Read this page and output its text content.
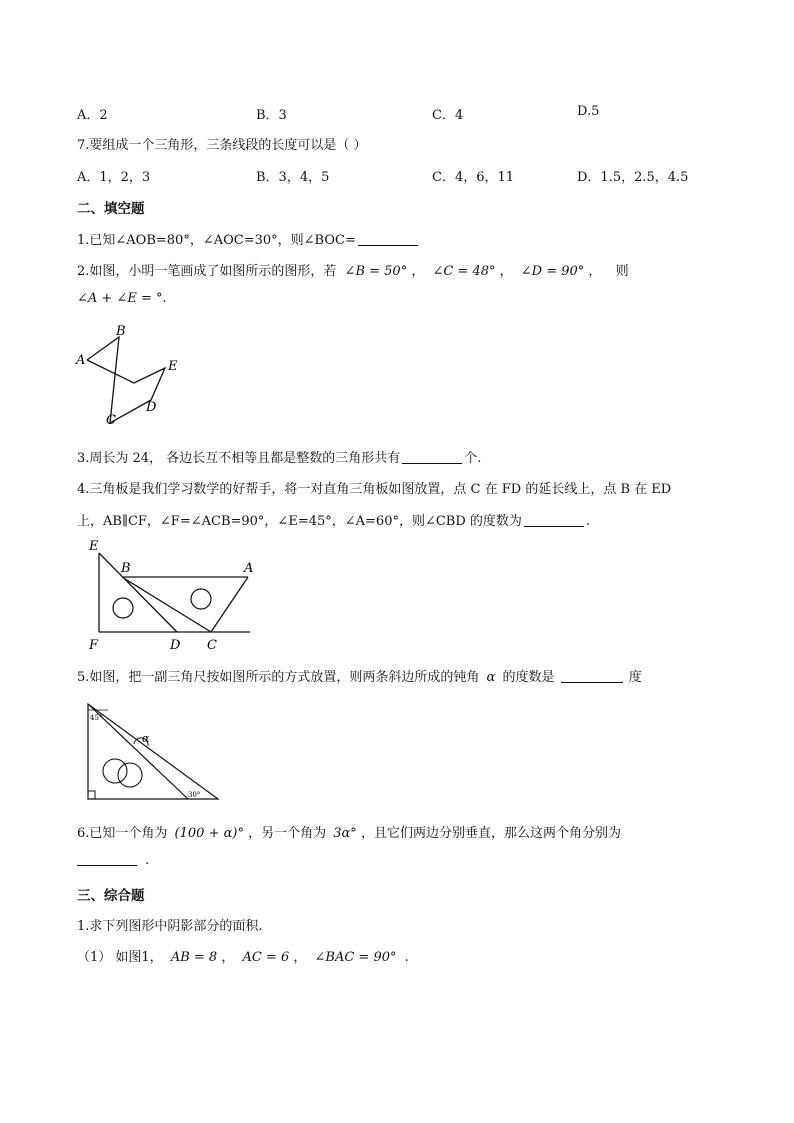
A．2	B．3	C．4	D.5
7.要组成一个三角形，三条线段的长度可以是（ ）
A．1，2，3	B．3，4，5	C．4，6，11	D．1.5，2.5，4.5
二、填空题
1.已知∠AOB=80°，∠AOC=30°，则∠BOC=
2.如图，小明一笔画成了如图所示的图形，若 ∠B = 50° ， ∠C = 48° ， ∠D = 90° ， 则
∠A + ∠E = °.
A
B
C
D
E
3.周长为 24， 各边长互不相等且都是整数的三角形共有	个.
4.三角板是我们学习数学的好帮手，将一对直角三角板如图放置，点 C 在 FD 的延长线上，点 B 在 ED
上，AB∥CF，∠F=∠ACB=90°，∠E=45°，∠A=60°，则∠CBD 的度数为	.
E
B	A
F	D C
5.如图，把一副三角尺按如图所示的方式放置，则两条斜边所成的钝角 α 的度数是	度
45°
α
30°
6.已知一个角为 (100 + α)° ，另一个角为 3α° ，且它们两边分别垂直，那么这两个角分别为
.
三、综合题
1.求下列图形中阴影部分的面积.
（1） 如图1， AB = 8 ， AC = 6 ， ∠BAC = 90° .
